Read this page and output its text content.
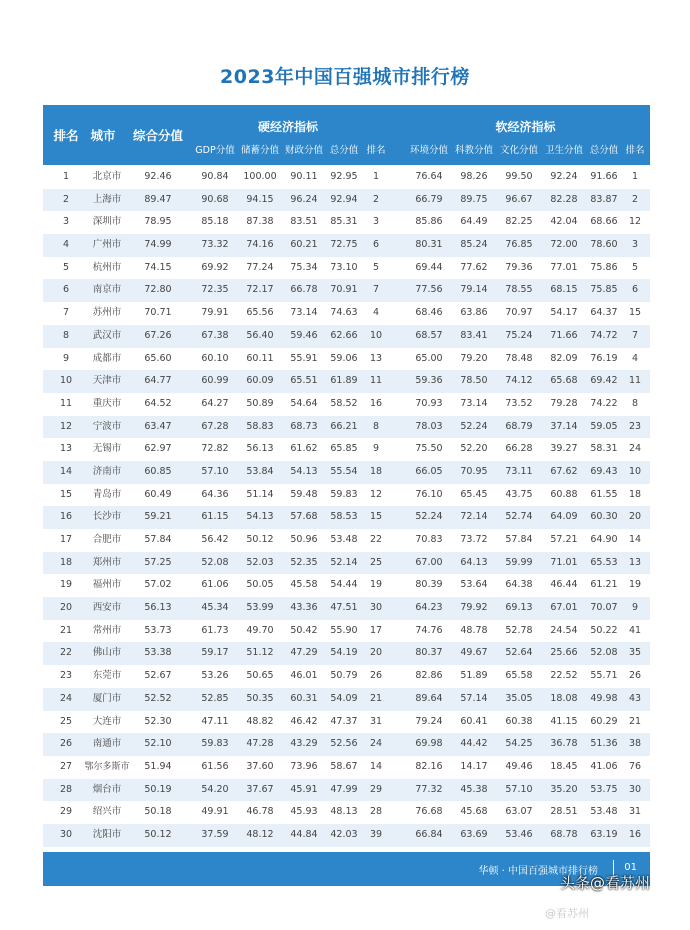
2023年中国百强城市排行榜
排名 城市	综合分值
硬经济指标	软经济指标
GDP分值 储蓄分值 财政分值 总分值 排名	环境分值 科教分值 文化分值 卫生分值 总分值 排名
1	北京市	92.46	90.84	100.00	90.11	92.95	1	76.64	98.26	99.50	92.24	91.66	1
2	上海市	89.47	90.68	94.15	96.24	92.94	2	66.79	89.75	96.67	82.28	83.87	2
3	深圳市	78.95	85.18	87.38	83.51	85.31	3	85.86	64.49	82.25	42.04	68.66	12
4	广州市	74.99	73.32	74.16	60.21	72.75	6	80.31	85.24	76.85	72.00	78.60	3
5	杭州市	74.15	69.92	77.24	75.34	73.10	5	69.44	77.62	79.36	77.01	75.86	5
6	南京市	72.80	72.35	72.17	66.78	70.91	7	77.56	79.14	78.55	68.15	75.85	6
7	苏州市	70.71	79.91	65.56	73.14	74.63	4	68.46	63.86	70.97	54.17	64.37	15
8	武汉市	67.26	67.38	56.40	59.46	62.66	10	68.57	83.41	75.24	71.66	74.72	7
9	成都市	65.60	60.10	60.11	55.91	59.06	13	65.00	79.20	78.48	82.09	76.19	4
10	天津市	64.77	60.99	60.09	65.51	61.89	11	59.36	78.50	74.12	65.68	69.42	11
11	重庆市	64.52	64.27	50.89	54.64	58.52	16	70.93	73.14	73.52	79.28	74.22	8
12	宁波市	63.47	67.28	58.83	68.73	66.21	8	78.03	52.24	68.79	37.14	59.05	23
13	无锡市	62.97	72.82	56.13	61.62	65.85	9	75.50	52.20	66.28	39.27	58.31	24
14	济南市	60.85	57.10	53.84	54.13	55.54	18	66.05	70.95	73.11	67.62	69.43	10
15	青岛市	60.49	64.36	51.14	59.48	59.83	12	76.10	65.45	43.75	60.88	61.55	18
16	长沙市	59.21	61.15	54.13	57.68	58.53	15	52.24	72.14	52.74	64.09	60.30	20
17	合肥市	57.84	56.42	50.12	50.96	53.48	22	70.83	73.72	57.84	57.21	64.90	14
18	郑州市	57.25	52.08	52.03	52.35	52.14	25	67.00	64.13	59.99	71.01	65.53	13
19	福州市	57.02	61.06	50.05	45.58	54.44	19	80.39	53.64	64.38	46.44	61.21	19
20	西安市	56.13	45.34	53.99	43.36	47.51	30	64.23	79.92	69.13	67.01	70.07	9
21	常州市	53.73	61.73	49.70	50.42	55.90	17	74.76	48.78	52.78	24.54	50.22	41
22	佛山市	53.38	59.17	51.12	47.29	54.19	20	80.37	49.67	52.64	25.66	52.08	35
23	东莞市	52.67	53.26	50.65	46.01	50.79	26	82.86	51.89	65.58	22.52	55.71	26
24	厦门市	52.52	52.85	50.35	60.31	54.09	21	89.64	57.14	35.05	18.08	49.98	43
25	大连市	52.30	47.11	48.82	46.42	47.37	31	79.24	60.41	60.38	41.15	60.29	21
26	南通市	52.10	59.83	47.28	43.29	52.56	24	69.98	44.42	54.25	36.78	51.36	38
27	鄂尔多斯市	51.94	61.56	37.60	73.96	58.67	14	82.16	14.17	49.46	18.45	41.06	76
28	烟台市	50.19	54.20	37.67	45.91	47.99	29	77.32	45.38	57.10	35.20	53.75	30
29	绍兴市	50.18	49.91	46.78	45.93	48.13	28	76.68	45.68	63.07	28.51	53.48	31
30	沈阳市	50.12	37.59	48.12	44.84	42.03	39	66.84	63.69	53.46	68.78	63.19	16
华顿 · 中国百强城市排行榜	01
头条@看苏州
@看苏州
